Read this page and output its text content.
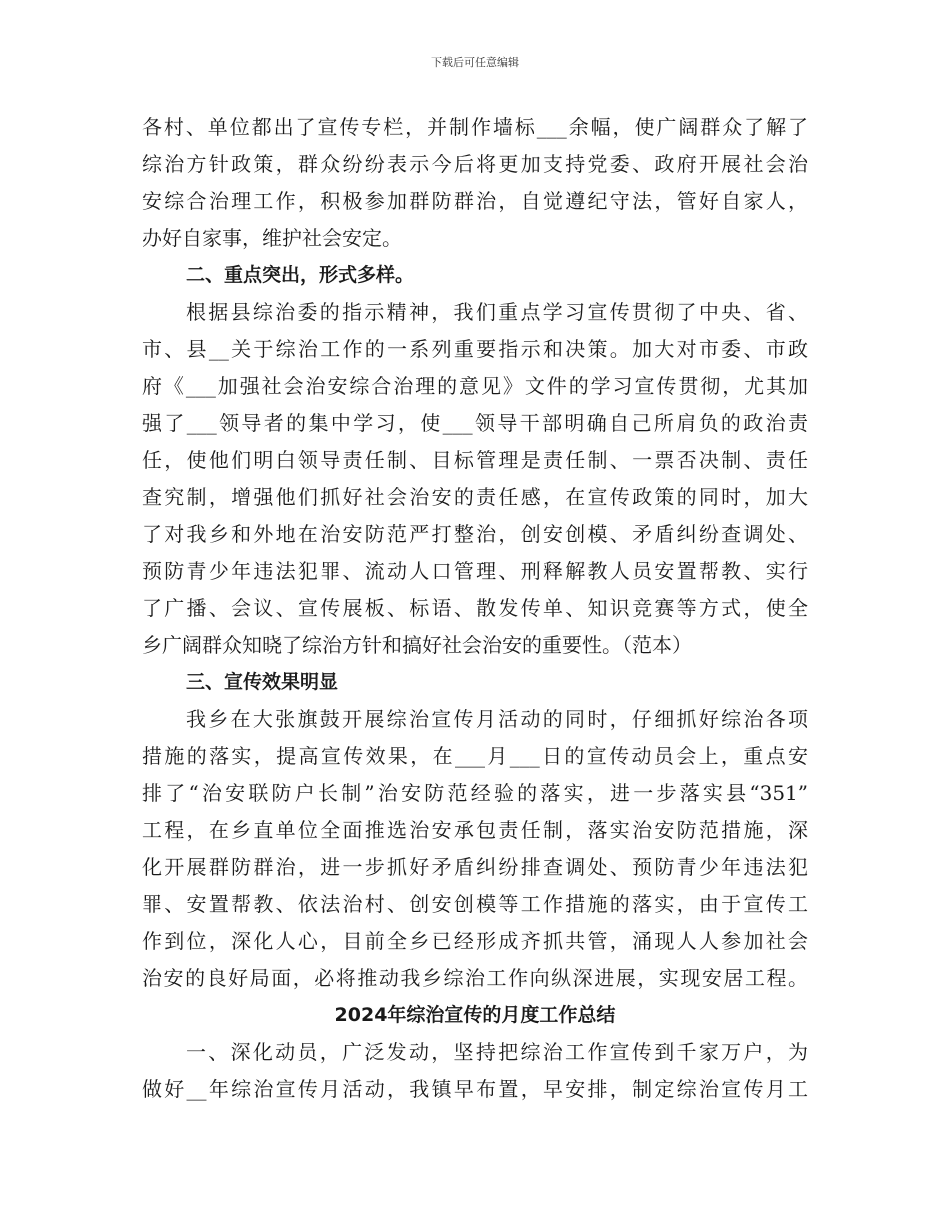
下载后可任意编辑
各村、单位都出了宣传专栏，并制作墙标___余幅，使广阔群众了解了
综治方针政策，群众纷纷表示今后将更加支持党委、政府开展社会治
安综合治理工作，积极参加群防群治，自觉遵纪守法，管好自家人，
办好自家事，维护社会安定。
二、重点突出，形式多样。
根据县综治委的指示精神，我们重点学习宣传贯彻了中央、省、
市、县__关于综治工作的一系列重要指示和决策。加大对市委、市政
府《___加强社会治安综合治理的意见》文件的学习宣传贯彻，尤其加
强了___领导者的集中学习，使___领导干部明确自己所肩负的政治责
任，使他们明白领导责任制、目标管理是责任制、一票否决制、责任
查究制，增强他们抓好社会治安的责任感，在宣传政策的同时，加大
了对我乡和外地在治安防范严打整治，创安创模、矛盾纠纷查调处、
预防青少年违法犯罪、流动人口管理、刑释解教人员安置帮教、实行
了广播、会议、宣传展板、标语、散发传单、知识竞赛等方式，使全
乡广阔群众知晓了综治方针和搞好社会治安的重要性。（范本）
三、宣传效果明显
我乡在大张旗鼓开展综治宣传月活动的同时，仔细抓好综治各项
措施的落实，提高宣传效果，在___月___日的宣传动员会上，重点安
排了“治安联防户长制”治安防范经验的落实，进一步落实县“351”
工程，在乡直单位全面推选治安承包责任制，落实治安防范措施，深
化开展群防群治，进一步抓好矛盾纠纷排查调处、预防青少年违法犯
罪、安置帮教、依法治村、创安创模等工作措施的落实，由于宣传工
作到位，深化人心，目前全乡已经形成齐抓共管，涌现人人参加社会
治安的良好局面，必将推动我乡综治工作向纵深进展，实现安居工程。
2024年综治宣传的月度工作总结
一、深化动员，广泛发动，坚持把综治工作宣传到千家万户，为
做好__年综治宣传月活动，我镇早布置，早安排，制定综治宣传月工
